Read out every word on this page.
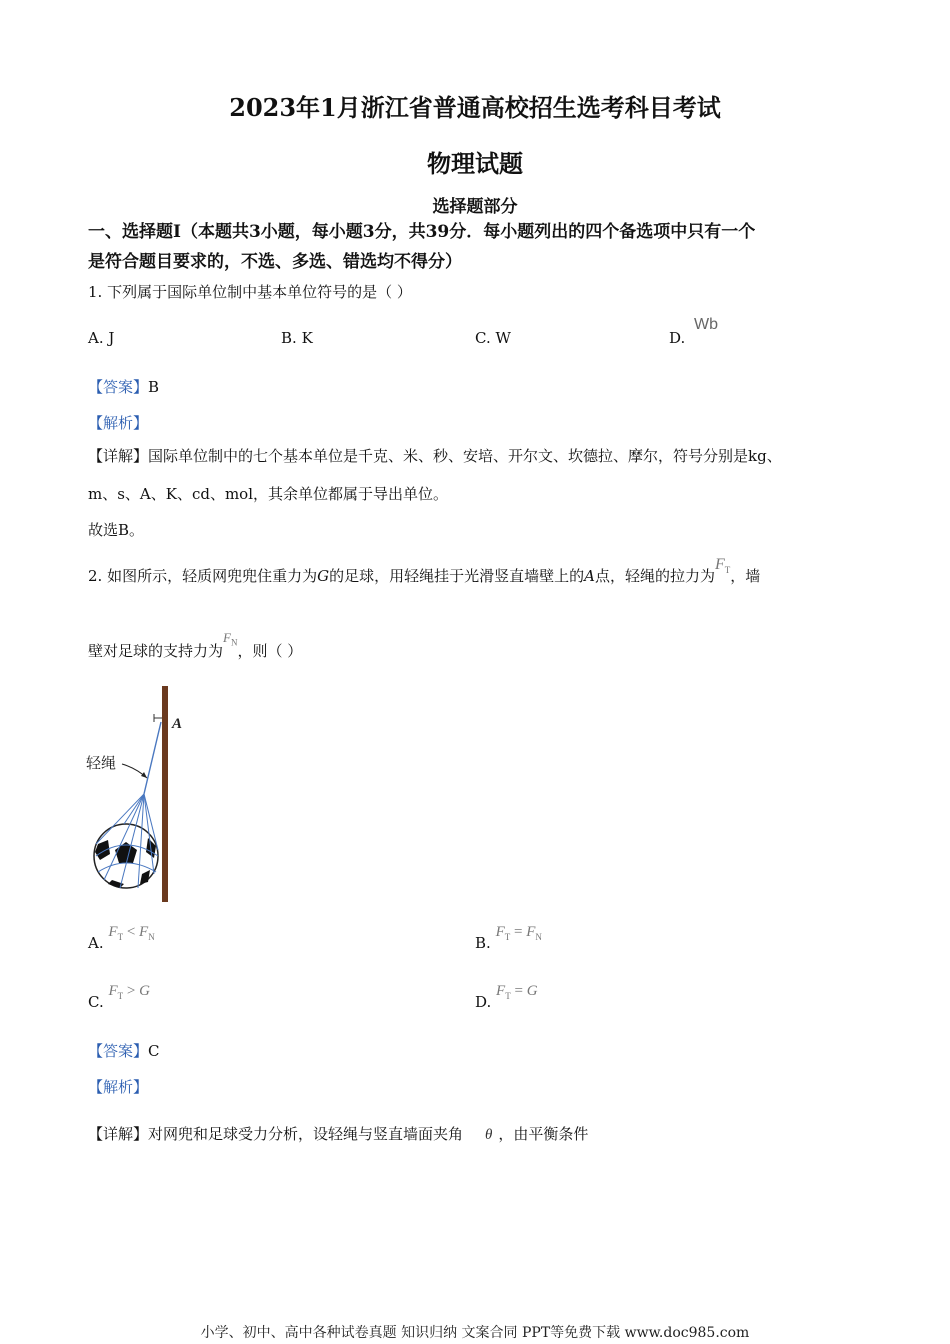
2023年1月浙江省普通高校招生选考科目考试
物理试题
选择题部分
一、选择题Ⅰ（本题共3小题，每小题3分，共39分．每小题列出的四个备选项中只有一个
是符合题目要求的，不选、多选、错选均不得分）
1. 下列属于国际单位制中基本单位符号的是（ ）
A. J	B. K	C. W	D. Wb
【答案】B
【解析】
【详解】国际单位制中的七个基本单位是千克、米、秒、安培、开尔文、坎德拉、摩尔，符号分别是kg、
m、s、A、K、cd、mol，其余单位都属于导出单位。
故选B。
2. 如图所示，轻质网兜兜住重力为G的足球，用轻绳挂于光滑竖直墙壁上的A点，轻绳的拉力为$F_T$，墙
壁对足球的支持力为$F_N$，则（ ）
轻绳
A
A. $F_T < F_N$	B. $F_T = F_N$
C. $F_T > G$
D. $F_T = G$
【答案】C
【解析】
【详解】对网兜和足球受力分析，设轻绳与竖直墙面夹角 θ ，由平衡条件
小学、初中、高中各种试卷真题 知识归纳 文案合同 PPT等免费下载 www.doc985.com
